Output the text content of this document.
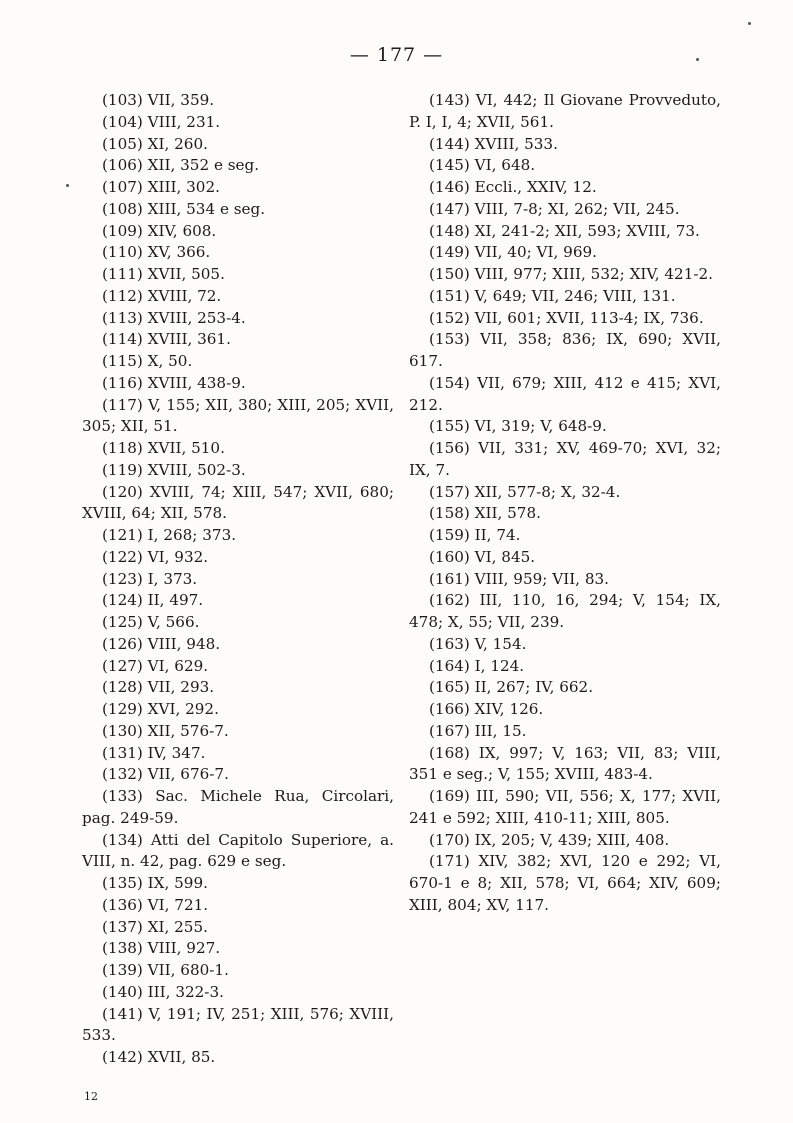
— 177 —
(103) VII, 359.
(104) VIII, 231.
(105) XI, 260.
(106) XII, 352 e seg.
(107) XIII, 302.
(108) XIII, 534 e seg.
(109) XIV, 608.
(110) XV, 366.
(111) XVII, 505.
(112) XVIII, 72.
(113) XVIII, 253-4.
(114) XVIII, 361.
(115) X, 50.
(116) XVIII, 438-9.
(117) V, 155; XII, 380; XIII, 205; XVII, 305; XII, 51.
(118) XVII, 510.
(119) XVIII, 502-3.
(120) XVIII, 74; XIII, 547; XVII, 680; XVIII, 64; XII, 578.
(121) I, 268; 373.
(122) VI, 932.
(123) I, 373.
(124) II, 497.
(125) V, 566.
(126) VIII, 948.
(127) VI, 629.
(128) VII, 293.
(129) XVI, 292.
(130) XII, 576-7.
(131) IV, 347.
(132) VII, 676-7.
(133) Sac. Michele Rua, Circolari, pag. 249-59.
(134) Atti del Capitolo Superiore, a. VIII, n. 42, pag. 629 e seg.
(135) IX, 599.
(136) VI, 721.
(137) XI, 255.
(138) VIII, 927.
(139) VII, 680-1.
(140) III, 322-3.
(141) V, 191; IV, 251; XIII, 576; XVIII, 533.
(142) XVII, 85.
(143) VI, 442; Il Giovane Provveduto, P. I, I, 4; XVII, 561.
(144) XVIII, 533.
(145) VI, 648.
(146) Eccli., XXIV, 12.
(147) VIII, 7-8; XI, 262; VII, 245.
(148) XI, 241-2; XII, 593; XVIII, 73.
(149) VII, 40; VI, 969.
(150) VIII, 977; XIII, 532; XIV, 421-2.
(151) V, 649; VII, 246; VIII, 131.
(152) VII, 601; XVII, 113-4; IX, 736.
(153) VII, 358; 836; IX, 690; XVII, 617.
(154) VII, 679; XIII, 412 e 415; XVI, 212.
(155) VI, 319; V, 648-9.
(156) VII, 331; XV, 469-70; XVI, 32; IX, 7.
(157) XII, 577-8; X, 32-4.
(158) XII, 578.
(159) II, 74.
(160) VI, 845.
(161) VIII, 959; VII, 83.
(162) III, 110, 16, 294; V, 154; IX, 478; X, 55; VII, 239.
(163) V, 154.
(164) I, 124.
(165) II, 267; IV, 662.
(166) XIV, 126.
(167) III, 15.
(168) IX, 997; V, 163; VII, 83; VIII, 351 e seg.; V, 155; XVIII, 483-4.
(169) III, 590; VII, 556; X, 177; XVII, 241 e 592; XIII, 410-11; XIII, 805.
(170) IX, 205; V, 439; XIII, 408.
(171) XIV, 382; XVI, 120 e 292; VI, 670-1 e 8; XII, 578; VI, 664; XIV, 609; XIII, 804; XV, 117.
12
